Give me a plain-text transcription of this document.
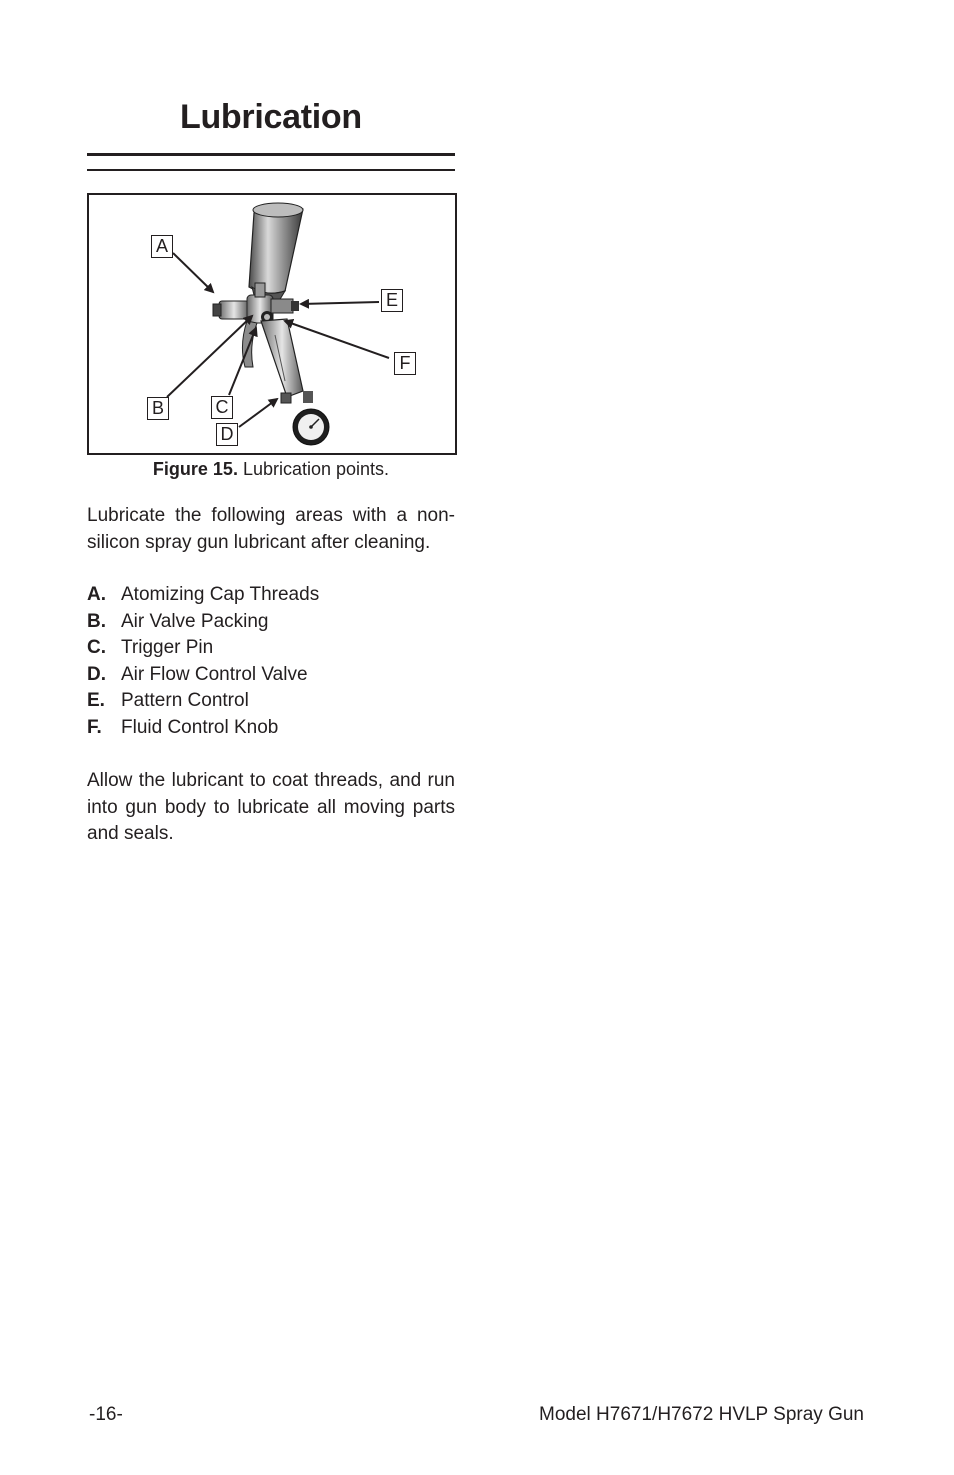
Lubrication
A
E
F
B	C
D
Figure 15. Lubrication points.

Lubricate the following areas with a non-silicon spray gun lubricant after cleaning.

A. Atomizing Cap Threads
B. Air Valve Packing
C. Trigger Pin
D. Air Flow Control Valve
E. Pattern Control
F. Fluid Control Knob

Allow the lubricant to coat threads, and run into gun body to lubricate all moving parts and seals.

-16-	Model H7671/H7672 HVLP Spray Gun
